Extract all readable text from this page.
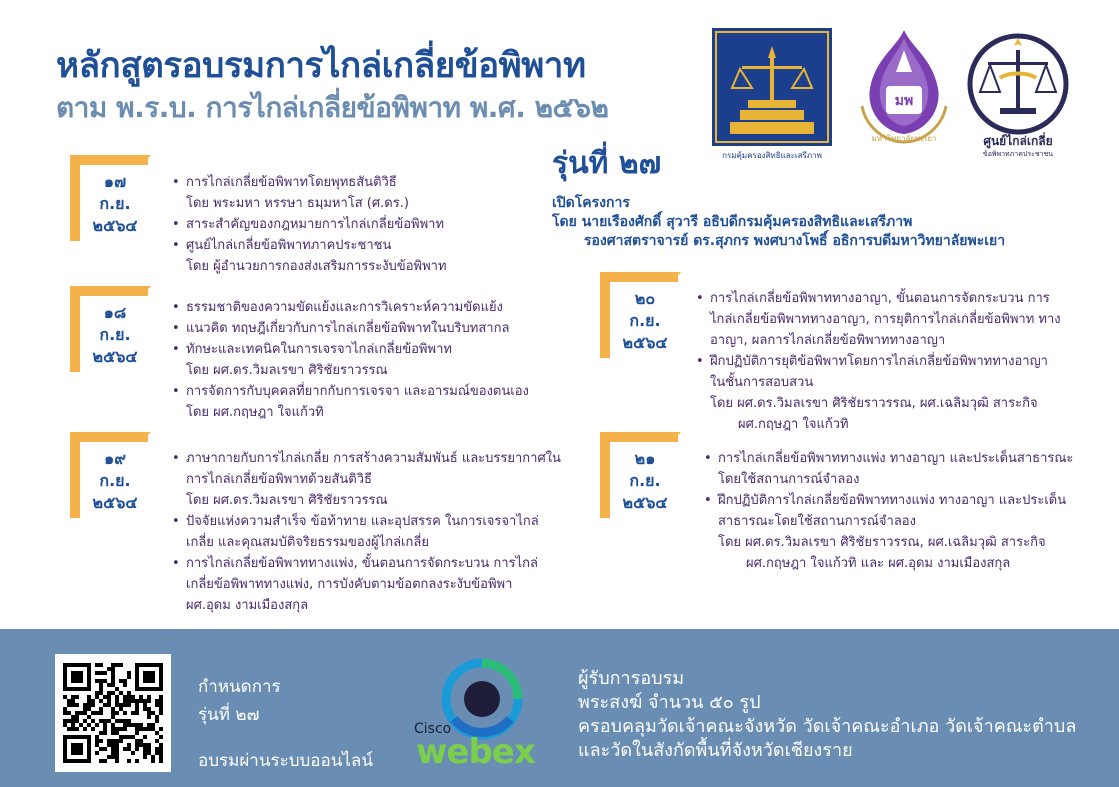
หลักสูตรอบรมการไกล่เกลี่ยข้อพิพาท
ตาม พ.ร.บ. การไกล่เกลี่ยข้อพิพาท พ.ศ. ๒๕๖๒
รุ่นที่ ๒๗	กรมคุ้มครองสิทธิและเสรีภาพ
มพ
มหาวิทยาลัยพะเยา	ศูนย์ไกล่เกลี่ย
ข้อพิพาทภาคประชาชน
เปิดโครงการ
โดย นายเรืองศักดิ์ สุวารี อธิบดีกรมคุ้มครองสิทธิและเสรีภาพ
รองศาสตราจารย์ ดร.สุภกร พงศบางโพธิ์ อธิการบดีมหาวิทยาลัยพะเยา
๑๗
ก.ย.
๒๕๖๔
• การไกล่เกลี่ยข้อพิพาทโดยพุทธสันติวิธี
โดย พระมหา หรรษา ธมฺมหาโส (ศ.ดร.)
• สาระสำคัญของกฎหมายการไกล่เกลี่ยข้อพิพาท
• ศูนย์ไกล่เกลี่ยข้อพิพาทภาคประชาชน
โดย ผู้อำนวยการกองส่งเสริมการระงับข้อพิพาท
๑๘
ก.ย.
๒๕๖๔
• ธรรมชาติของความขัดแย้งและการวิเคราะห์ความขัดแย้ง
• แนวคิด ทฤษฎีเกี่ยวกับการไกล่เกลี่ยข้อพิพาทในบริบทสากล
• ทักษะและเทคนิคในการเจรจาไกล่เกลี่ยข้อพิพาท
โดย ผศ.ดร.วิมลเรขา ศิริชัยราวรรณ
• การจัดการกับบุคคลที่ยากกับการเจรจา และอารมณ์ของตนเอง
โดย ผศ.กฤษฎา ใจแก้วทิ
๑๙
ก.ย.
๒๕๖๔
• ภาษากายกับการไกล่เกลี่ย การสร้างความสัมพันธ์ และบรรยากาศใน
การไกล่เกลี่ยข้อพิพาทด้วยสันติวิธี
โดย ผศ.ดร.วิมลเรขา ศิริชัยราวรรณ
• ปัจจัยแห่งความสำเร็จ ข้อท้าทาย และอุปสรรค ในการเจรจาไกล่
เกลี่ย และคุณสมบัติจริยธรรมของผู้ไกล่เกลี่ย
• การไกล่เกลี่ยข้อพิพาททางแพ่ง, ขั้นตอนการจัดกระบวน การไกล่
เกลี่ยข้อพิพาททางแพ่ง, การบังคับตามข้อตกลงระงับข้อพิพา
ผศ.อุดม งามเมืองสกุล
๒๐
ก.ย.
๒๕๖๔
• การไกล่เกลี่ยข้อพิพาททางอาญา, ขั้นตอนการจัดกระบวน การ
ไกล่เกลี่ยข้อพิพาททางอาญา, การยุติการไกล่เกลี่ยข้อพิพาท ทาง
อาญา, ผลการไกล่เกลี่ยข้อพิพาททางอาญา
• ฝึกปฏิบัติการยุติข้อพิพาทโดยการไกล่เกลี่ยข้อพิพาททางอาญา
ในชั้นการสอบสวน
โดย ผศ.ดร.วิมลเรขา ศิริชัยราวรรณ, ผศ.เฉลิมวุฒิ สาระกิจ
ผศ.กฤษฎา ใจแก้วทิ
๒๑
ก.ย.
๒๕๖๔
• การไกล่เกลี่ยข้อพิพาททางแพ่ง ทางอาญา และประเด็นสาธารณะ
โดยใช้สถานการณ์จำลอง
• ฝึกปฏิบัติการไกล่เกลี่ยข้อพิพาททางแพ่ง ทางอาญา และประเด็น
สาธารณะโดยใช้สถานการณ์จำลอง
โดย ผศ.ดร.วิมลเรขา ศิริชัยราวรรณ, ผศ.เฉลิมวุฒิ สาระกิจ
ผศ.กฤษฎา ใจแก้วทิ และ ผศ.อุดม งามเมืองสกุล
กำหนดการ
รุ่นที่ ๒๗
อบรมผ่านระบบออนไลน์
Cisco
webex
ผู้รับการอบรม
พระสงฆ์ จำนวน ๕๐ รูป
ครอบคลุมวัดเจ้าคณะจังหวัด วัดเจ้าคณะอำเภอ วัดเจ้าคณะตำบล
และวัดในสังกัดพื้นที่จังหวัดเชียงราย
